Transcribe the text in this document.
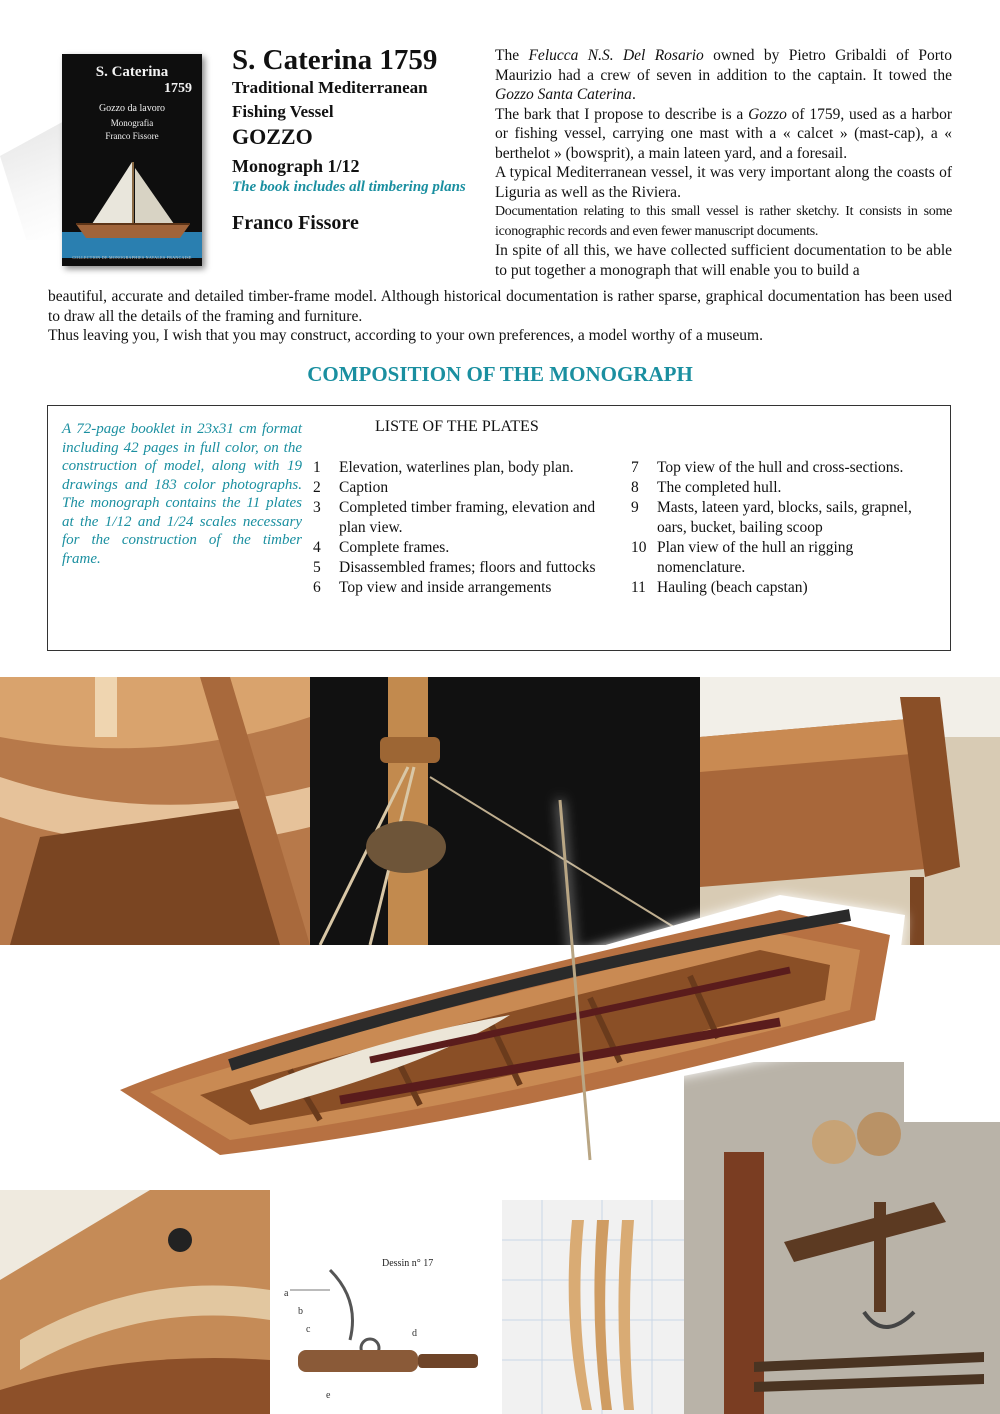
S. Caterina
1759
Gozzo da lavoro
Monografia
Franco Fissore
COLLECTION DE MONOGRAPHIES NAVALES FRANCAISE
S. Caterina 1759
Traditional Mediterranean
Fishing Vessel
GOZZO
Monograph 1/12
The book includes all timbering plans
Franco Fissore

The Felucca N.S. Del Rosario owned by Pietro Gribaldi of Porto Maurizio had a crew of seven in addition to the captain. It towed the Gozzo Santa Caterina.

The bark that I propose to describe is a Gozzo of 1759, used as a harbor or fishing vessel, carrying one mast with a « calcet » (mast-cap), a « berthelot » (bowsprit), a main lateen yard, and a foresail.

A typical Mediterranean vessel, it was very important along the coasts of Liguria as well as the Riviera.

Documentation relating to this small vessel is rather sketchy. It consists in some iconographic records and even fewer manuscript documents.

In spite of all this, we have collected sufficient documentation to be able to put together a monograph that will enable you to build a

beautiful, accurate and detailed timber-frame model. Although historical documentation is rather sparse, graphical documentation has been used to draw all the details of the framing and furniture.

Thus leaving you, I wish that you may construct, according to your own preferences, a model worthy of a museum.

COMPOSITION OF THE MONOGRAPH
A 72-page booklet in 23x31 cm format including 42 pages in full color, on the construction of model, along with 19 drawings and 183 color photographs. The monograph contains the 11 plates at the 1/12 and 1/24 scales necessary for the construction of the timber frame.
LISTE OF THE PLATES
1	Elevation, waterlines plan, body plan.
2	Caption
3	Completed timber framing, elevation and plan view.
4	Complete frames.
5	Disassembled frames; floors and futtocks
6	Top view and inside arrangements
7	Top view of the hull and cross-sections.
8	The completed hull.
9	Masts, lateen yard, blocks, sails, grapnel, oars, bucket, bailing scoop
10 Plan view of the hull an rigging nomenclature.
11 Hauling (beach capstan)
Dessin n° 17
a
b
c	d
e
